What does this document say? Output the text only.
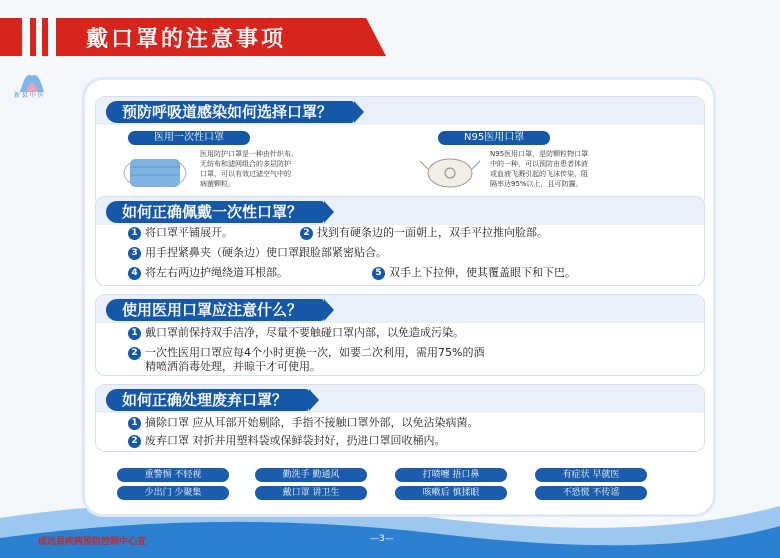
戴口罩的注意事项
新 县 中 医
预防呼吸道感染如何选择口罩？
医用一次性口罩
医用防护口罩是一种由针织布、
无纺布和滤网组合的多层防护
口罩，可以有效过滤空气中的
病菌颗粒。
N95医用口罩
N95医用口罩，是防颗粒物口罩
中的一种，可以预防由患者体液
或血液飞溅引起的飞沫传染，阻
隔率达95%以上，且可防霾。
如何正确佩戴一次性口罩？
1 将口罩平铺展开。	2 找到有硬条边的一面朝上，双手平拉推向脸部。
3 用手捏紧鼻夹（硬条边）使口罩跟脸部紧密贴合。
4 将左右两边护绳绕道耳根部。	5 双手上下拉伸，使其覆盖眼下和下巴。
使用医用口罩应注意什么？
1 戴口罩前保持双手洁净，尽量不要触碰口罩内部，以免造成污染。
2 一次性医用口罩应每4个小时更换一次，如要二次利用，需用75%的酒
精喷洒消毒处理，并晾干才可使用。
如何正确处理废弃口罩？
1 摘除口罩 应从耳部开始剔除，手指不接触口罩外部，以免沾染病菌。
2 废弃口罩 对折并用塑料袋或保鲜袋封好，扔进口罩回收桶内。
重警惕 不轻视	勤洗手 勤通风	打喷嚏 捂口鼻	有症状 早就医
少出门 少聚集	戴口罩 讲卫生	咳嗽后 慎揉眼	不恐慌 不传谣
成远县疾病预防控制中心宣	—3—
